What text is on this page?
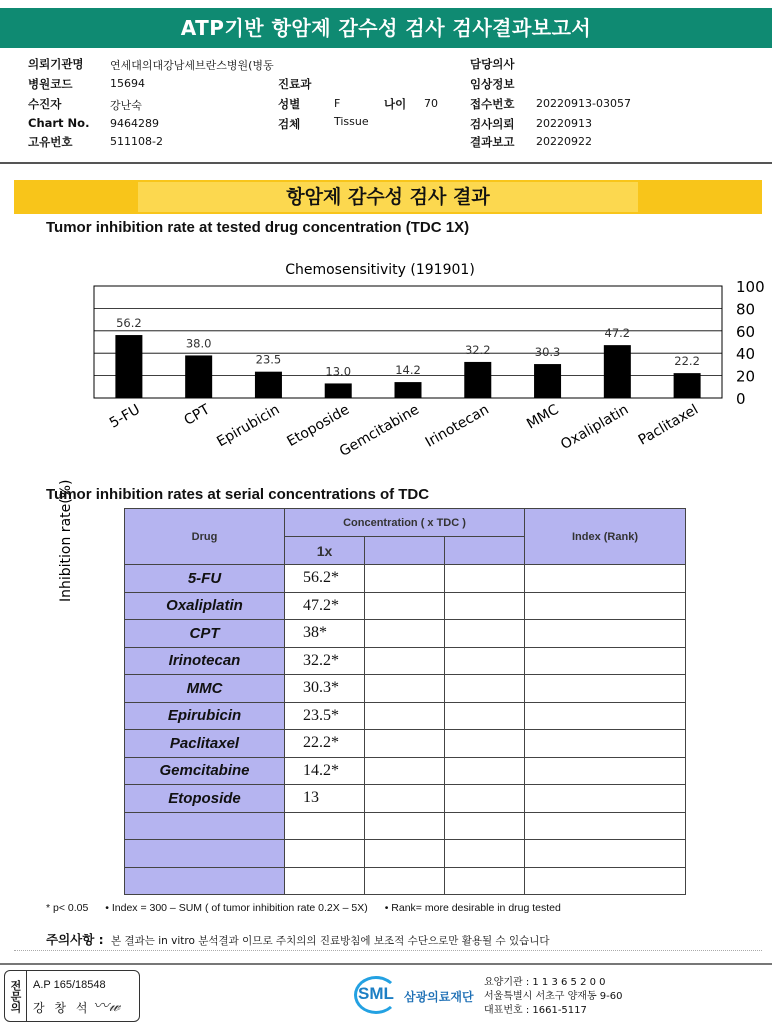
ATP기반 항암제 감수성 검사 검사결과보고서
의뢰기관명 연세대의대강남세브란스병원(병동
병원코드	15694
수진자	강난숙
Chart No. 9464289
고유번호	511108-2
진료과
성별	F	나이 70
검체	Tissue
담당의사
임상정보
접수번호 20220913-03057
검사의뢰 20220913
결과보고 20220922
항암제 감수성 검사 결과
Tumor inhibition rate at tested drug concentration (TDC 1X)
Chemosensitivity (191901)
Inhibition rate(%)
56.2
38.0
23.5
13.0	14.2
32.2	30.3
47.2
22.2
5-FU	CPT Epirubicin Etoposide
Gemcitabine Irinotecan MMC
Oxaliplatin Paclitaxel
0
20
40
60
80
100
Tumor inhibition rates at serial concentrations of TDC
Drug	Concentration ( x TDC )			Index (Rank)
	1x			
5-FU	56.2*			
Oxaliplatin	47.2*			
CPT	38*			
Irinotecan	32.2*			
MMC	30.3*			
Epirubicin	23.5*			
Paclitaxel	22.2*			
Gemcitabine	14.2*			
Etoposide	13			

* p< 0.05 • Index = 300 – SUM ( of tumor inhibition rate 0.2X – 5X) • Rank= more desirable in drug tested
주의사항 : 본 결과는 in vitro 분석결과 이므로 주치의의 진료방침에 보조적 수단으로만 활용될 수 있습니다
전문의	A.P 165/18548
강 창 석 〰𝓌
SML 삼광의료재단
요양기관 : 1 1 3 6 5 2 0 0
서울특별시 서초구 양재동 9-60
대표번호 : 1661-5117
